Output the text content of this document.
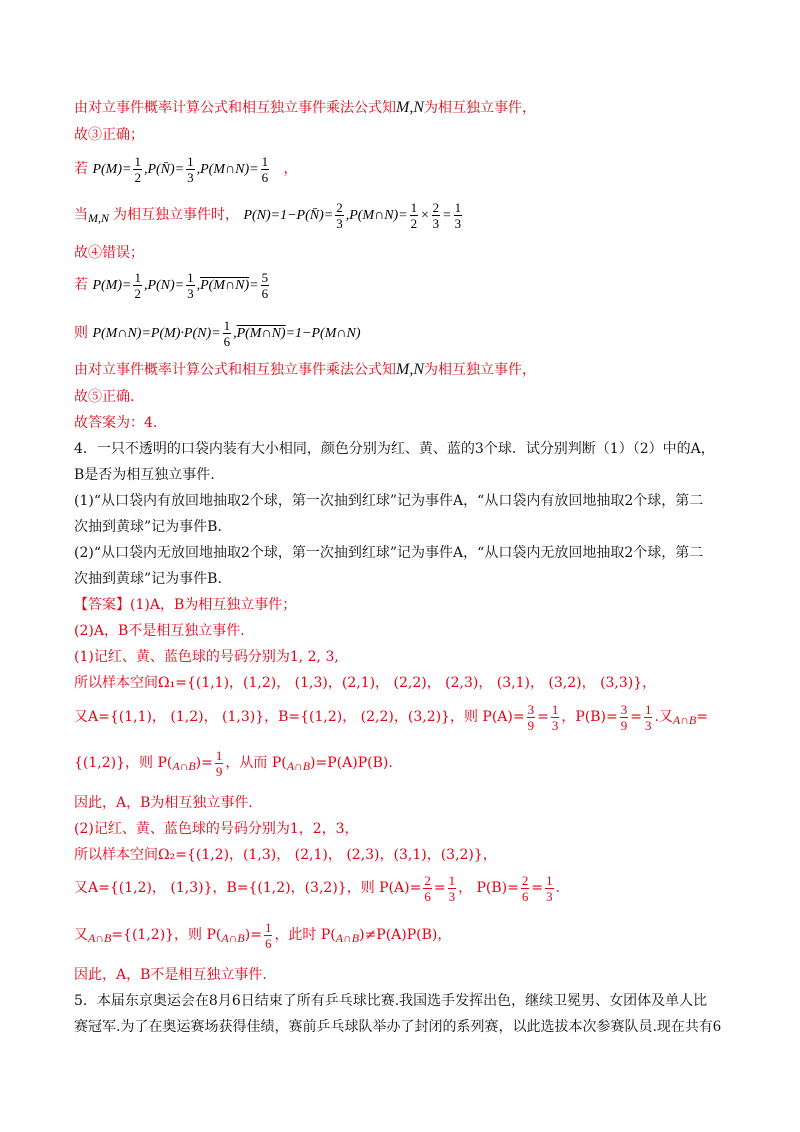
由对立事件概率计算公式和相互独立事件乘法公式知M,N为相互独立事件，
故③正确；
若 $P(M)= \frac{1}{2}$ ,P(N̄)= $\frac{1}{3}$ ,P(M∩N)= $\frac{1}{6}$ ，
当M,N 为相互独立事件时， P(N)=1−P(N̄)= $\frac{2}{3}$ ,P(M∩N)= $\frac{1}{2} \times \frac{2}{3} = \frac{1}{3}$
故④错误；
若 $P(M)= \frac{1}{2} ,P(N)= \frac{1}{3}$ ,P(M∩N)= $\frac{5}{6}$
则 P(M∩N)=P(M)·P(N)= $\frac{1}{6}$ ,P(M∩N)=1−P(M∩N)
由对立事件概率计算公式和相互独立事件乘法公式知M,N为相互独立事件，
故⑤正确.
故答案为：4.
4．一只不透明的口袋内装有大小相同，颜色分别为红、黄、蓝的3个球．试分别判断（1）（2）中的A，
B是否为相互独立事件.
(1)“从口袋内有放回地抽取2个球，第一次抽到红球”记为事件A，“从口袋内有放回地抽取2个球，第二
次抽到黄球”记为事件B.
(2)“从口袋内无放回地抽取2个球，第一次抽到红球”记为事件A，“从口袋内无放回地抽取2个球，第二
次抽到黄球”记为事件B.
【答案】(1)A，B为相互独立事件；
(2)A，B不是相互独立事件.
(1)记红、黄、蓝色球的号码分别为1, 2, 3,
所以样本空间Ω₁={(1,1)，(1,2)， (1,3)，(2,1)， (2,2)， (2,3)， (3,1)， (3,2)， (3,3)}，
又A={(1,1)， (1,2)， (1,3)}，B={(1,2)， (2,2)，(3,2)}，则 $P(A)= \frac{3}{9} = \frac{1}{3}$ ，$P(B)= \frac{3}{9} = \frac{1}{3}$ .又A∩B=
{(1,2)}，则 P(A∩B)= $\frac{1}{9}$ ，从而 P(A∩B)=P(A)P(B).
因此，A，B为相互独立事件.
(2)记红、黄、蓝色球的号码分别为1，2，3，
所以样本空间Ω₂={(1,2)，(1,3)， (2,1)， (2,3)，(3,1)，(3,2)}，
又A={(1,2)， (1,3)}，B={(1,2)，(3,2)}，则 $P(A)= \frac{2}{6} = \frac{1}{3}$ ， $P(B)= \frac{2}{6} = \frac{1}{3}$ .
又A∩B={(1,2)}，则 P(A∩B)= $\frac{1}{6}$ ，此时 P(A∩B)≠P(A)P(B)，
因此，A，B不是相互独立事件.
5．本届东京奥运会在8月6日结束了所有乒乓球比赛.我国选手发挥出色，继续卫冕男、女团体及单人比
赛冠军.为了在奥运赛场获得佳绩，赛前乒乓球队举办了封闭的系列赛，以此选拔本次参赛队员.现在共有6
